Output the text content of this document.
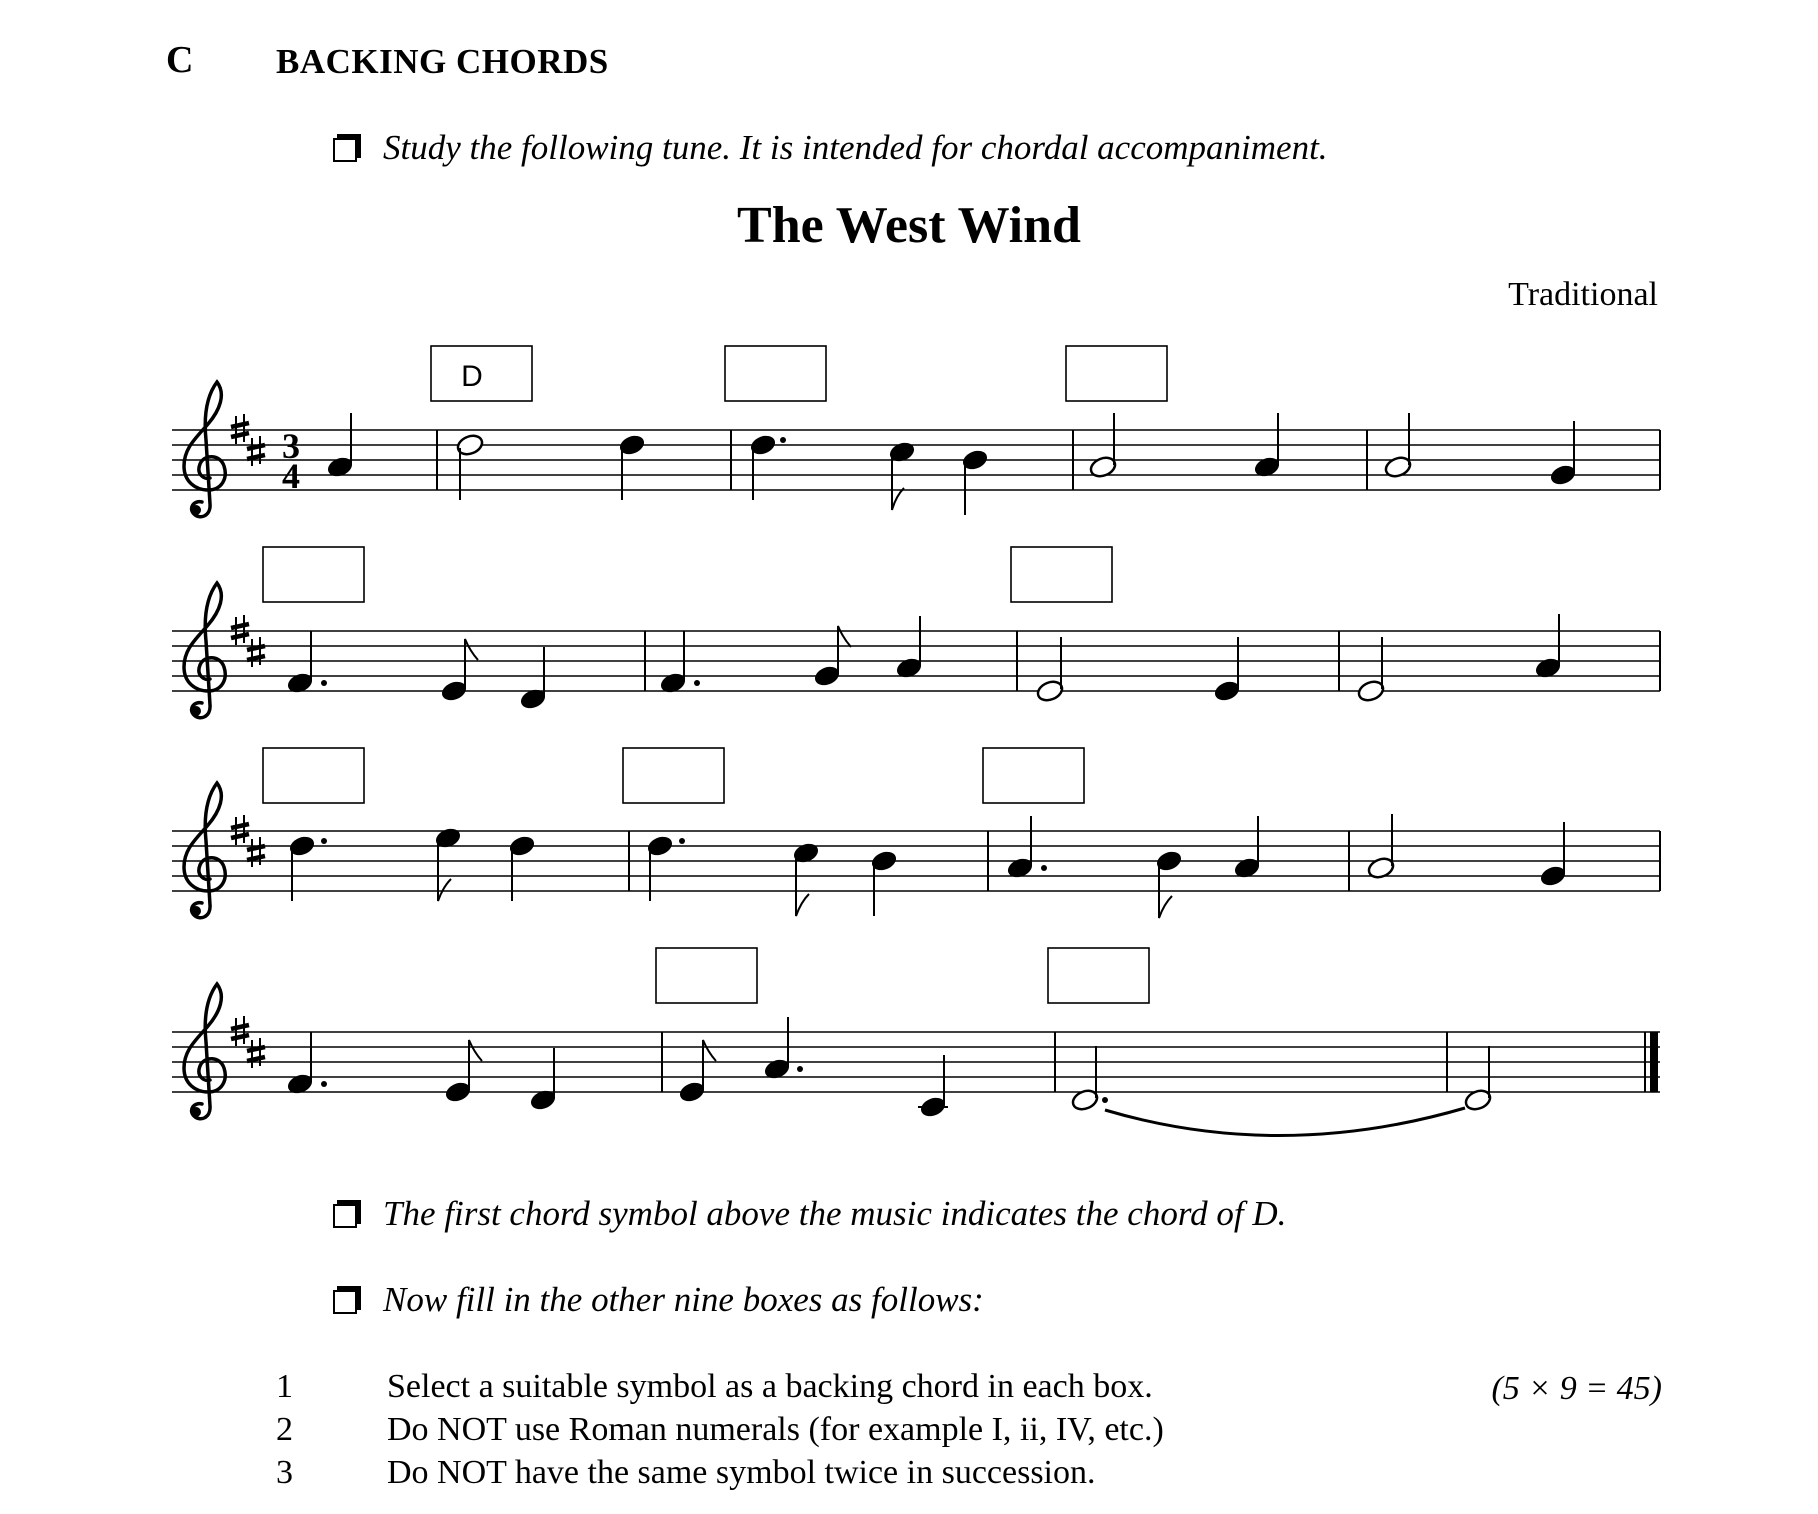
C BACKING CHORDS
Study the following tune. It is intended for chordal accompaniment.
The West Wind
Traditional
3
4
D
The first chord symbol above the music indicates the chord of D.
Now fill in the other nine boxes as follows:
1	Select a suitable symbol as a backing chord in each box.
2	Do NOT use Roman numerals (for example I, ii, IV, etc.)
3	Do NOT have the same symbol twice in succession.
(5 × 9 = 45)
